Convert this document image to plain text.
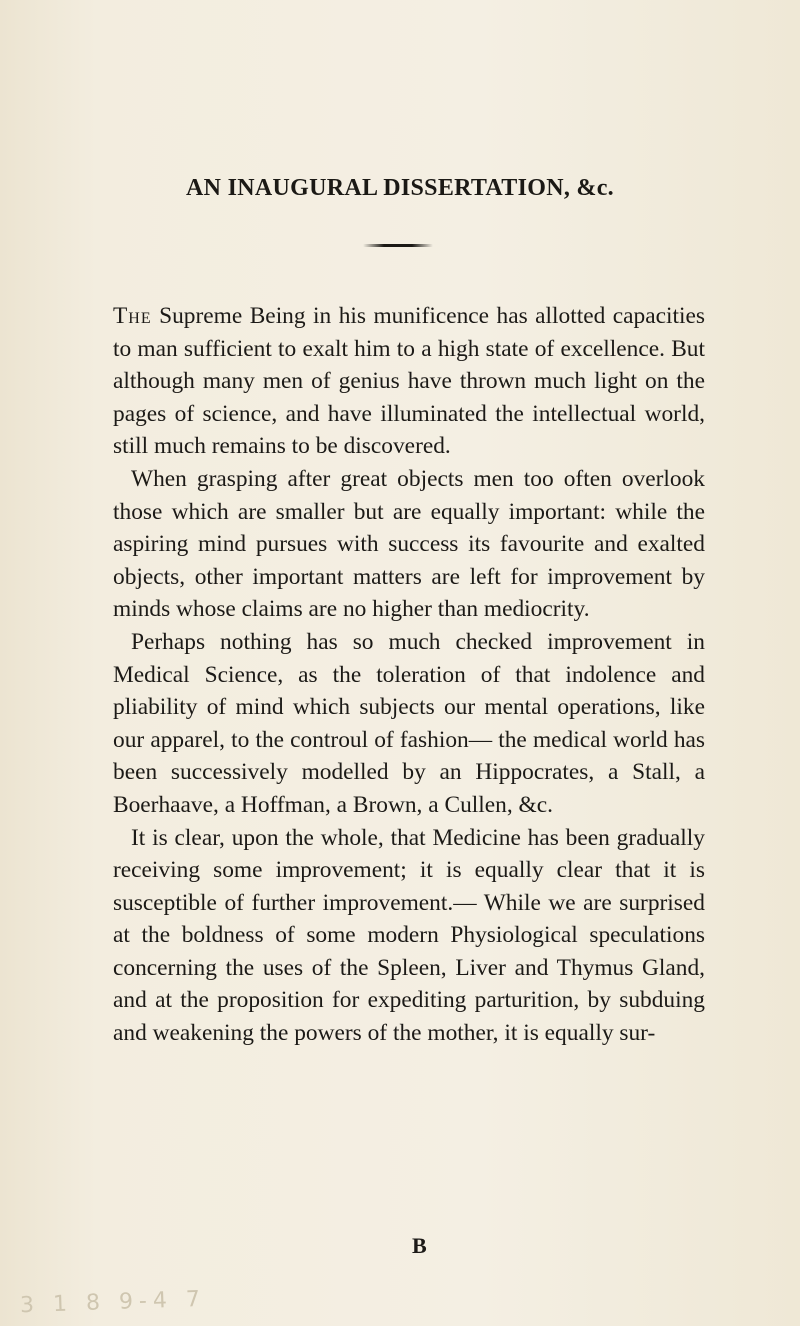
AN INAUGURAL DISSERTATION, &c.

The Supreme Being in his munificence has allotted capacities to man sufficient to exalt him to a high state of excellence. But although many men of genius have thrown much light on the pages of science, and have illuminated the intellectual world, still much remains to be discovered.

When grasping after great objects men too often overlook those which are smaller but are equally important: while the aspiring mind pursues with success its favourite and exalted objects, other important matters are left for improvement by minds whose claims are no higher than mediocrity.

Perhaps nothing has so much checked improvement in Medical Science, as the toleration of that indolence and pliability of mind which subjects our mental operations, like our apparel, to the controul of fashion— the medical world has been successively modelled by an Hippocrates, a Stall, a Boerhaave, a Hoffman, a Brown, a Cullen, &c.

It is clear, upon the whole, that Medicine has been gradually receiving some improvement; it is equally clear that it is susceptible of further improvement.— While we are surprised at the boldness of some modern Physiological speculations concerning the uses of the Spleen, Liver and Thymus Gland, and at the proposition for expediting parturition, by subduing and weakening the powers of the mother, it is equally sur-

B
3 1 8 9-4 7
